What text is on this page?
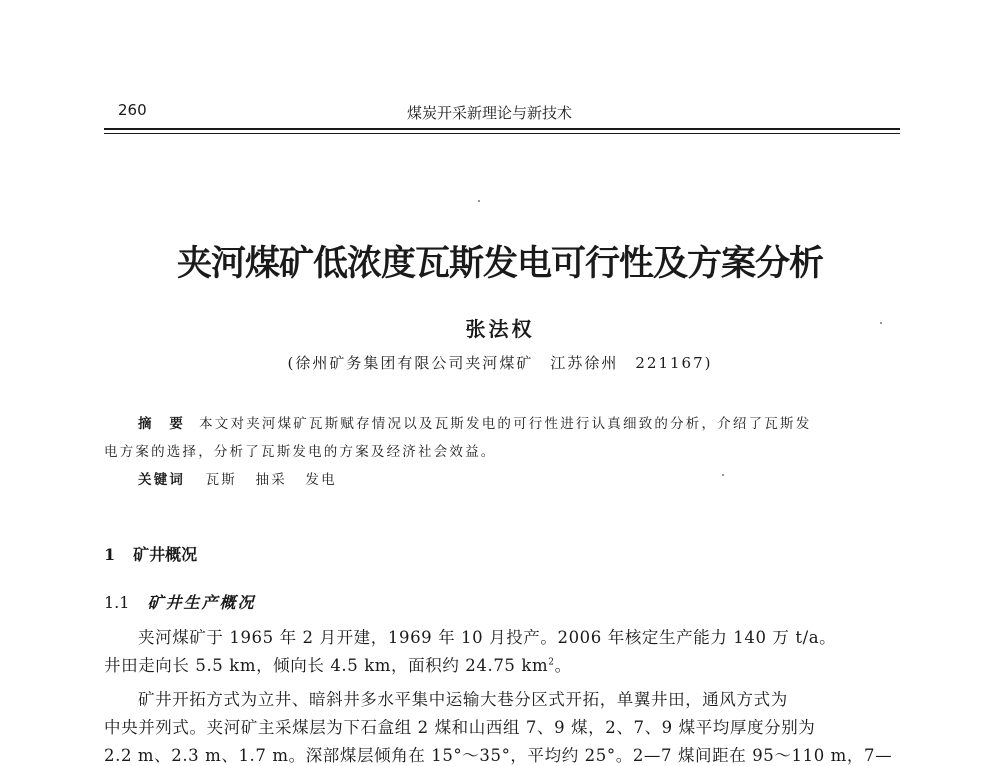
260	煤炭开采新理论与新技术
夹河煤矿低浓度瓦斯发电可行性及方案分析
张法权
(徐州矿务集团有限公司夹河煤矿　江苏徐州　221167)
摘　要 本文对夹河煤矿瓦斯赋存情况以及瓦斯发电的可行性进行认真细致的分析，介绍了瓦斯发
电方案的选择，分析了瓦斯发电的方案及经济社会效益。
关键词 瓦斯 抽采 发电
1 矿井概况
1.1 矿井生产概况
夹河煤矿于 1965 年 2 月开建，1969 年 10 月投产。2006 年核定生产能力 140 万 t/a。
井田走向长 5.5 km，倾向长 4.5 km，面积约 24.75 $km^2$。
矿井开拓方式为立井、暗斜井多水平集中运输大巷分区式开拓，单翼井田，通风方式为
中央并列式。夹河矿主采煤层为下石盒组 2 煤和山西组 7、9 煤，2、7、9 煤平均厚度分别为
2.2 m、2.3 m、1.7 m。深部煤层倾角在 15°～35°，平均约 25°。2—7 煤间距在 95～110 m，7—
